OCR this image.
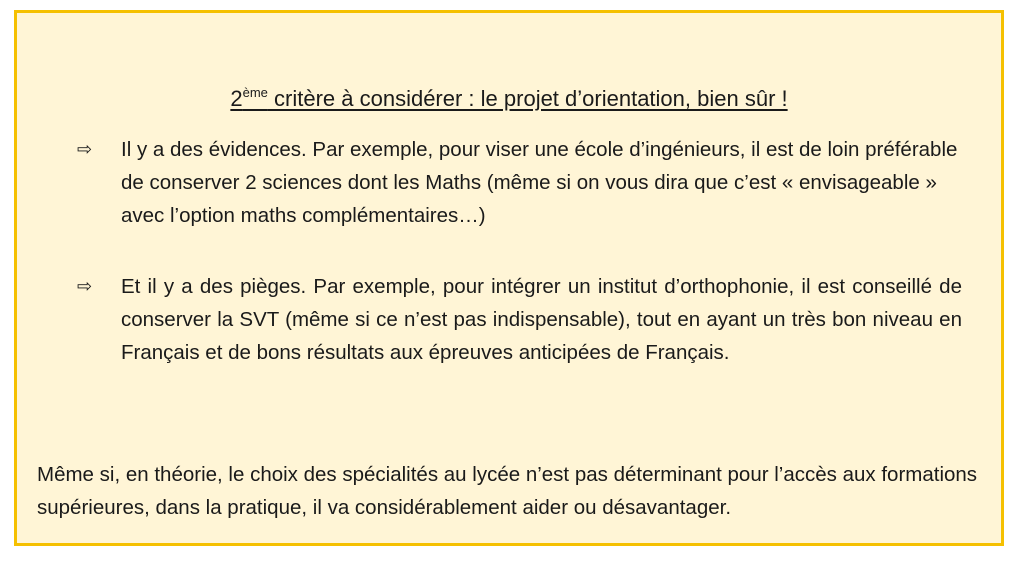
2ème critère à considérer : le projet d’orientation, bien sûr !
⇨	Il y a des évidences. Par exemple, pour viser une école d’ingénieurs, il est de loin préférable de conserver 2 sciences dont les Maths (même si on vous dira que c’est « envisageable » avec l’option maths complémentaires…)
⇨	Et il y a des pièges. Par exemple, pour intégrer un institut d’orthophonie, il est conseillé de conserver la SVT (même si ce n’est pas indispensable), tout en ayant un très bon niveau en Français et de bons résultats aux épreuves anticipées de Français.
Même si, en théorie, le choix des spécialités au lycée n’est pas déterminant pour l’accès aux formations supérieures, dans la pratique, il va considérablement aider ou désavantager.
